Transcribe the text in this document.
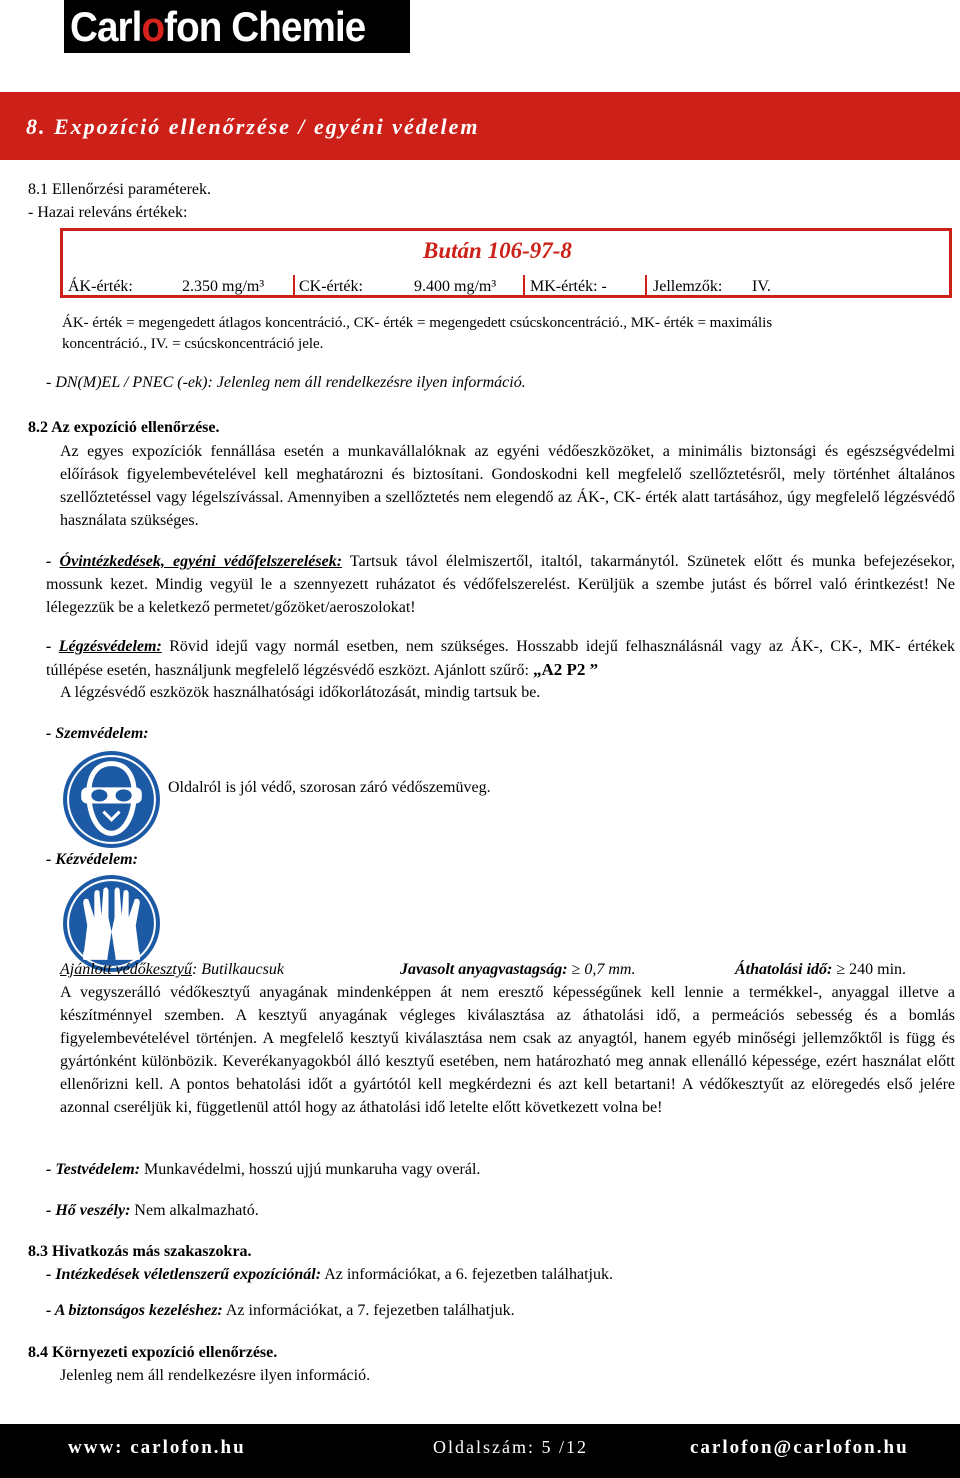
Carlofon Chemie
8. Expozíció ellenőrzése / egyéni védelem
8.1 Ellenőrzési paraméterek.
- Hazai releváns értékek:
Bután 106-97-8
ÁK-érték:	2.350 mg/m³ CK-érték:	9.400 mg/m³ MK-érték: -	Jellemzők: IV.
ÁK- érték = megengedett átlagos koncentráció., CK- érték = megengedett csúcskoncentráció., MK- érték = maximális
koncentráció., IV. = csúcskoncentráció jele.
- DN(M)EL / PNEC (-ek): Jelenleg nem áll rendelkezésre ilyen információ.
8.2 Az expozíció ellenőrzése.
Az egyes expozíciók fennállása esetén a munkavállalóknak az egyéni védőeszközöket, a minimális biztonsági és egészségvédelmi előírások figyelembevételével kell meghatározni és biztosítani. Gondoskodni kell megfelelő szellőztetésről, mely történhet általános szellőztetéssel vagy légelszívással. Amennyiben a szellőztetés nem elegendő az ÁK-, CK- érték alatt tartásához, úgy megfelelő légzésvédő használata szükséges.
- Óvintézkedések, egyéni védőfelszerelések: Tartsuk távol élelmiszertől, italtól, takarmánytól. Szünetek előtt és munka befejezésekor, mossunk kezet. Mindig vegyül le a szennyezett ruházatot és védőfelszerelést. Kerüljük a szembe jutást és bőrrel való érintkezést! Ne lélegezzük be a keletkező permetet/gőzöket/aeroszolokat!
- Légzésvédelem: Rövid idejű vagy normál esetben, nem szükséges. Hosszabb idejű felhasználásnál vagy az ÁK-, CK-, MK- értékek túllépése esetén, használjunk megfelelő légzésvédő eszközt. Ajánlott szűrő: „A2 P2 ”
A légzésvédő eszközök használhatósági időkorlátozását, mindig tartsuk be.
- Szemvédelem:
Oldalról is jól védő, szorosan záró védőszemüveg.
- Kézvédelem:
Ajánlott védőkesztyű: Butilkaucsuk	Javasolt anyagvastagság: ≥ 0,7 mm.	Áthatolási idő: ≥ 240 min.
A vegyszerálló védőkesztyű anyagának mindenképpen át nem eresztő képességűnek kell lennie a termékkel-, anyaggal illetve a készítménnyel szemben. A kesztyű anyagának végleges kiválasztása az áthatolási idő, a permeációs sebesség és a bomlás figyelembevételével történjen. A megfelelő kesztyű kiválasztása nem csak az anyagtól, hanem egyéb minőségi jellemzőktől is függ és gyártónként különbözik. Keverékanyagokból álló kesztyű esetében, nem határozható meg annak ellenálló képessége, ezért használat előtt ellenőrizni kell. A pontos behatolási időt a gyártótól kell megkérdezni és azt kell betartani! A védőkesztyűt az elöregedés első jelére azonnal cseréljük ki, függetlenül attól hogy az áthatolási idő letelte előtt következett volna be!
- Testvédelem: Munkavédelmi, hosszú ujjú munkaruha vagy overál.
- Hő veszély: Nem alkalmazható.
8.3 Hivatkozás más szakaszokra.
- Intézkedések véletlenszerű expozíciónál: Az információkat, a 6. fejezetben találhatjuk.
- A biztonságos kezeléshez: Az információkat, a 7. fejezetben találhatjuk.
8.4 Környezeti expozíció ellenőrzése.
Jelenleg nem áll rendelkezésre ilyen információ.
www: carlofon.hu	Oldalszám: 5 /12	carlofon@carlofon.hu
